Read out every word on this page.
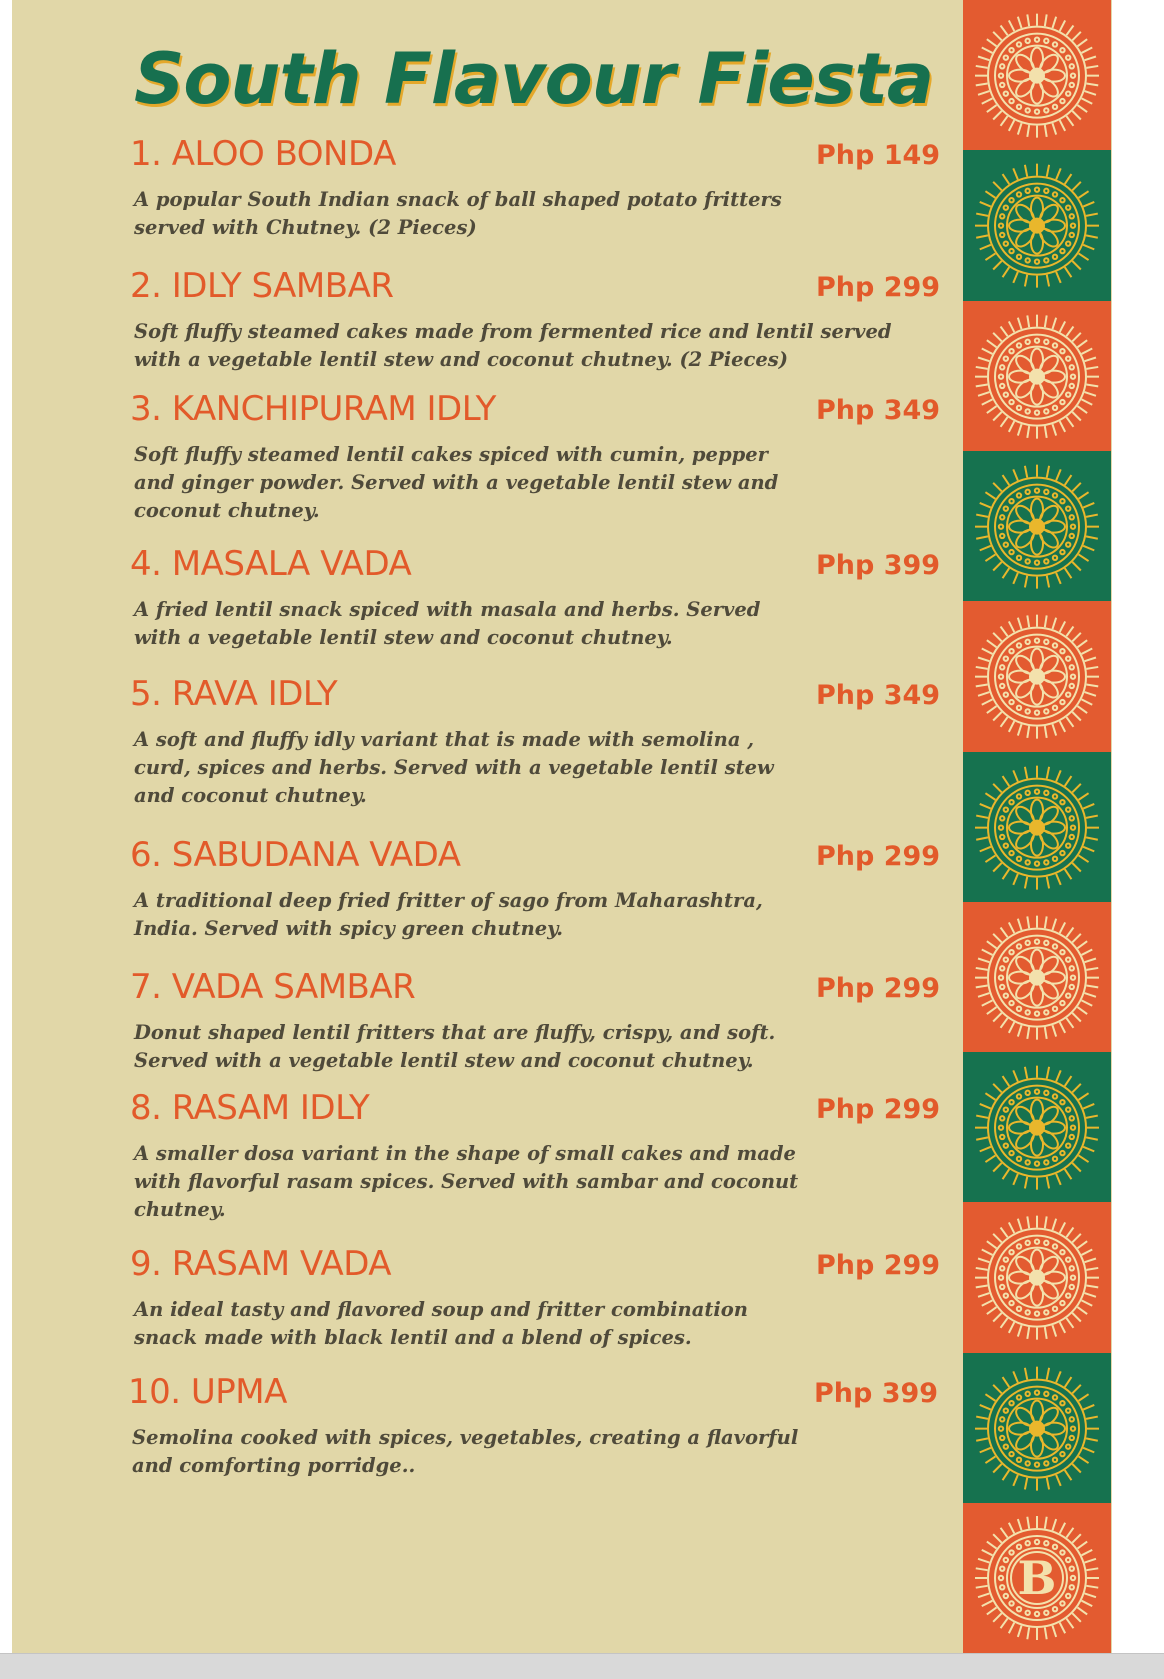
South Flavour Fiesta
1. ALOO BONDA	Php 149
A popular South Indian snack of ball shaped potato fritters served with Chutney. (2 Pieces)
2. IDLY SAMBAR	Php 299
Soft fluffy steamed cakes made from fermented rice and lentil served with a vegetable lentil stew and coconut chutney. (2 Pieces)
3. KANCHIPURAM IDLY	Php 349
Soft fluffy steamed lentil cakes spiced with cumin, pepper and ginger powder. Served with a vegetable lentil stew and coconut chutney.
4. MASALA VADA	Php 399
A fried lentil snack spiced with masala and herbs. Served with a vegetable lentil stew and coconut chutney.
5. RAVA IDLY	Php 349
A soft and fluffy idly variant that is made with semolina , curd, spices and herbs. Served with a vegetable lentil stew and coconut chutney.
6. SABUDANA VADA	Php 299
A traditional deep fried fritter of sago from Maharashtra, India. Served with spicy green chutney.
7. VADA SAMBAR	Php 299
Donut shaped lentil fritters that are fluffy, crispy, and soft. Served with a vegetable lentil stew and coconut chutney.
8. RASAM IDLY	Php 299
A smaller dosa variant in the shape of small cakes and made with flavorful rasam spices. Served with sambar and coconut chutney.
9. RASAM VADA	Php 299
An ideal tasty and flavored soup and fritter combination snack made with black lentil and a blend of spices.
10. UPMA	Php 399
Semolina cooked with spices, vegetables, creating a flavorful and comforting porridge..
B
